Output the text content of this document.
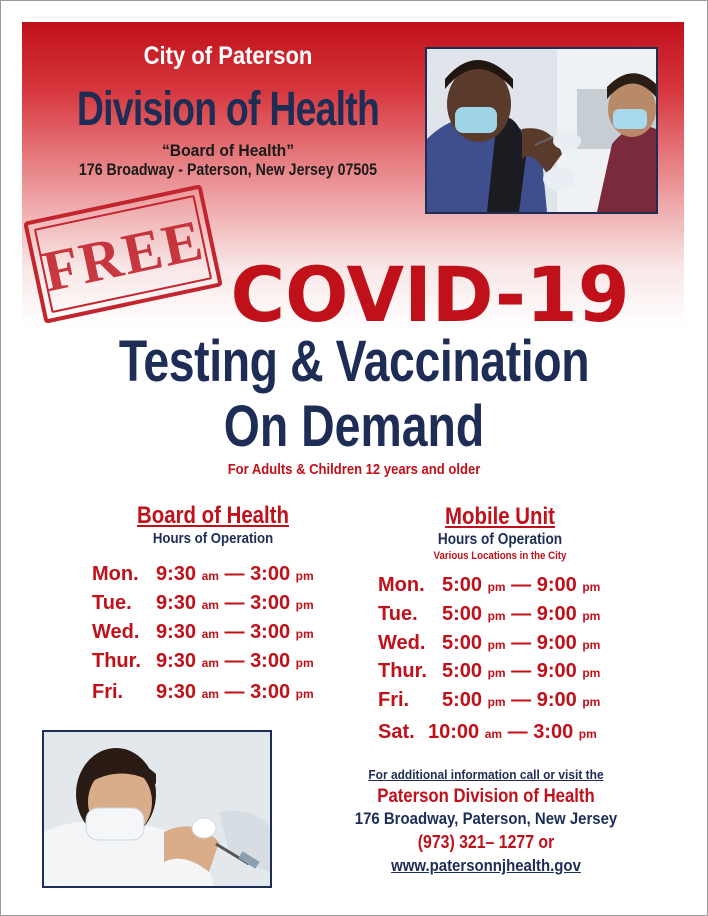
City of Paterson
Division of Health
“Board of Health”
176 Broadway - Paterson, New Jersey 07505
FREE COVID-19
Testing & Vaccination
On Demand
For Adults & Children 12 years and older
Board of Health
Hours of Operation
Mon. 9:30 am — 3:00 pm
Tue. 9:30 am — 3:00 pm
Wed. 9:30 am — 3:00 pm
Thur. 9:30 am — 3:00 pm
Fri. 9:30 am — 3:00 pm
Mobile Unit
Hours of Operation
Various Locations in the City
Mon. 5:00 pm — 9:00 pm
Tue. 5:00 pm — 9:00 pm
Wed. 5:00 pm — 9:00 pm
Thur. 5:00 pm — 9:00 pm
Fri. 5:00 pm — 9:00 pm
Sat. 10:00 am — 3:00 pm
For additional information call or visit the
Paterson Division of Health
176 Broadway, Paterson, New Jersey
(973) 321– 1277 or
www.patersonnjhealth.gov
